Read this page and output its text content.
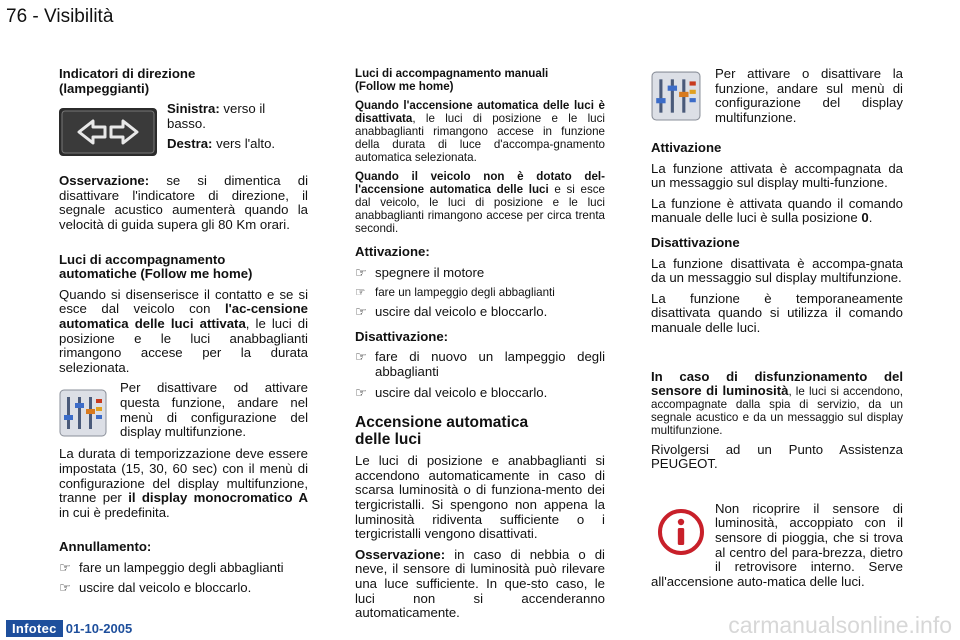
76 - Visibilità
Indicatori di direzione
(lampeggianti)

Sinistra: verso il basso.

Destra: vers l'alto.

Osservazione: se si dimentica di disattivare l'indicatore di direzione, il segnale acustico aumenterà quando la velocità di guida supera gli 80 Km orari.

Luci di accompagnamento
automatiche (Follow me home)

Quando si disenserisce il contatto e se si esce dal veicolo con l'ac-censione automatica delle luci attivata, le luci di posizione e le luci anabbaglianti rimangono accese per la durata selezionata.

Per disattivare od attivare questa funzione, andare nel menù di configurazione del display multifunzione.

La durata di temporizzazione deve essere impostata (15, 30, 60 sec) con il menù di configurazione del display multifunzione, tranne per il display monocromatico A in cui è predefinita.

Annullamento:
☞ fare un lampeggio degli abbaglianti
☞ uscire dal veicolo e bloccarlo.
Luci di accompagnamento manuali
(Follow me home)

Quando l'accensione automatica delle luci è disattivata, le luci di posizione e le luci anabbaglianti rimangono accese in funzione della durata di luce d'accompa-gnamento automatica selezionata.

Quando il veicolo non è dotato del-l'accensione automatica delle luci e si esce dal veicolo, le luci di posizione e le luci anabbaglianti rimangono accese per circa trenta secondi.

Attivazione:
☞ spegnere il motore
☞ fare un lampeggio degli abbaglianti
☞ uscire dal veicolo e bloccarlo.
Disattivazione:
☞ fare di nuovo un lampeggio degli abbaglianti
☞ uscire dal veicolo e bloccarlo.
Accensione automatica
delle luci

Le luci di posizione e anabbaglianti si accendono automaticamente in caso di scarsa luminosità o di funziona-mento dei tergicristalli. Si spengono non appena la luminosità ridiventa sufficiente o i tergicristalli vengono disattivati.

Osservazione: in caso di nebbia o di neve, il sensore di luminosità può rilevare una luce sufficiente. In que-sto caso, le luci non si accenderanno automaticamente.

Per attivare o disattivare la funzione, andare sul menù di configurazione del display multifunzione.

Attivazione

La funzione attivata è accompagnata da un messaggio sul display multi-funzione.

La funzione è attivata quando il comando manuale delle luci è sulla posizione 0.

Disattivazione

La funzione disattivata è accompa-gnata da un messaggio sul display multifunzione.

La funzione è temporaneamente disattivata quando si utilizza il comando manuale delle luci.

In caso di disfunzionamento del sensore di luminosità, le luci si accendono, accompagnate dalla spia di servizio, da un segnale acustico e da un messaggio sul display multifunzione.

Rivolgersi ad un Punto Assistenza PEUGEOT.

Non ricoprire il sensore di luminosità, accoppiato con il sensore di pioggia, che si trova al centro del para-brezza, dietro il retrovisore interno. Serve all'accensione auto-matica delle luci.

Infotec 01-10-2005	carmanualsonline.info
